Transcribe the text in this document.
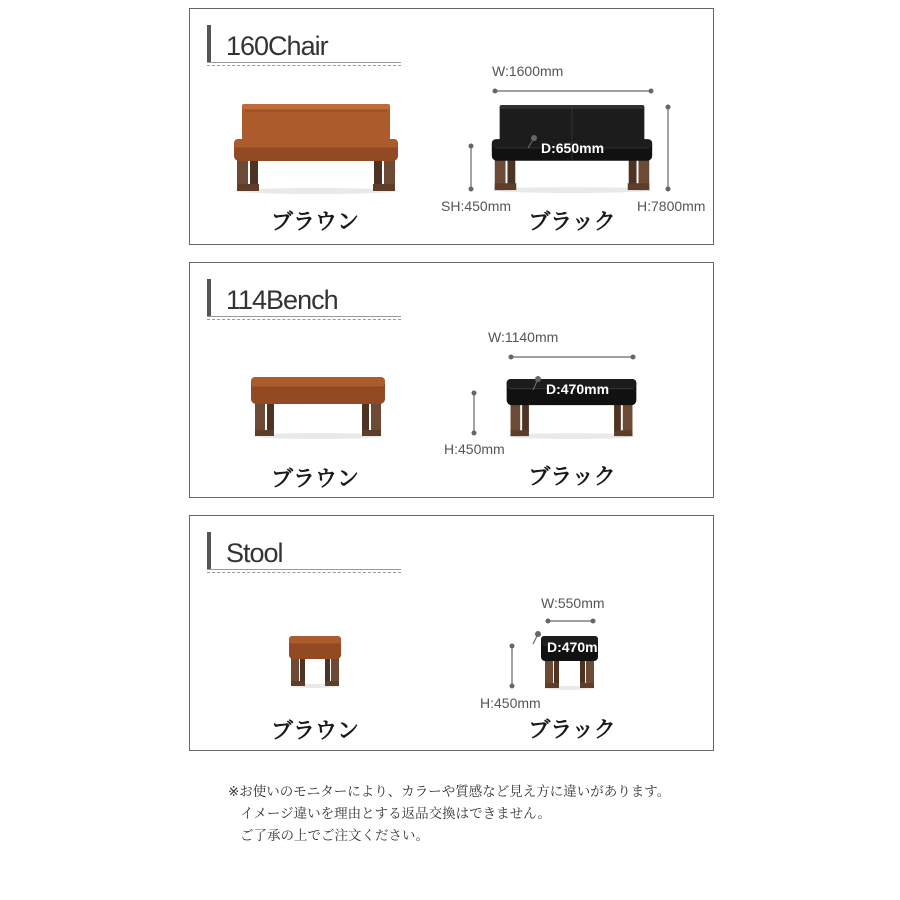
160Chair
W:1600mm
D:650mm
SH:450mm	H:7800mm
ブラウン	ブラック
114Bench
W:1140mm
D:470mm
H:450mm
ブラウン	ブラック
Stool
W:550mm
D:470m
H:450mm
ブラウン	ブラック
※お使いのモニターにより、カラーや質感など見え方に違いがあります。
イメージ違いを理由とする返品交換はできません。
ご了承の上でご注文ください。
